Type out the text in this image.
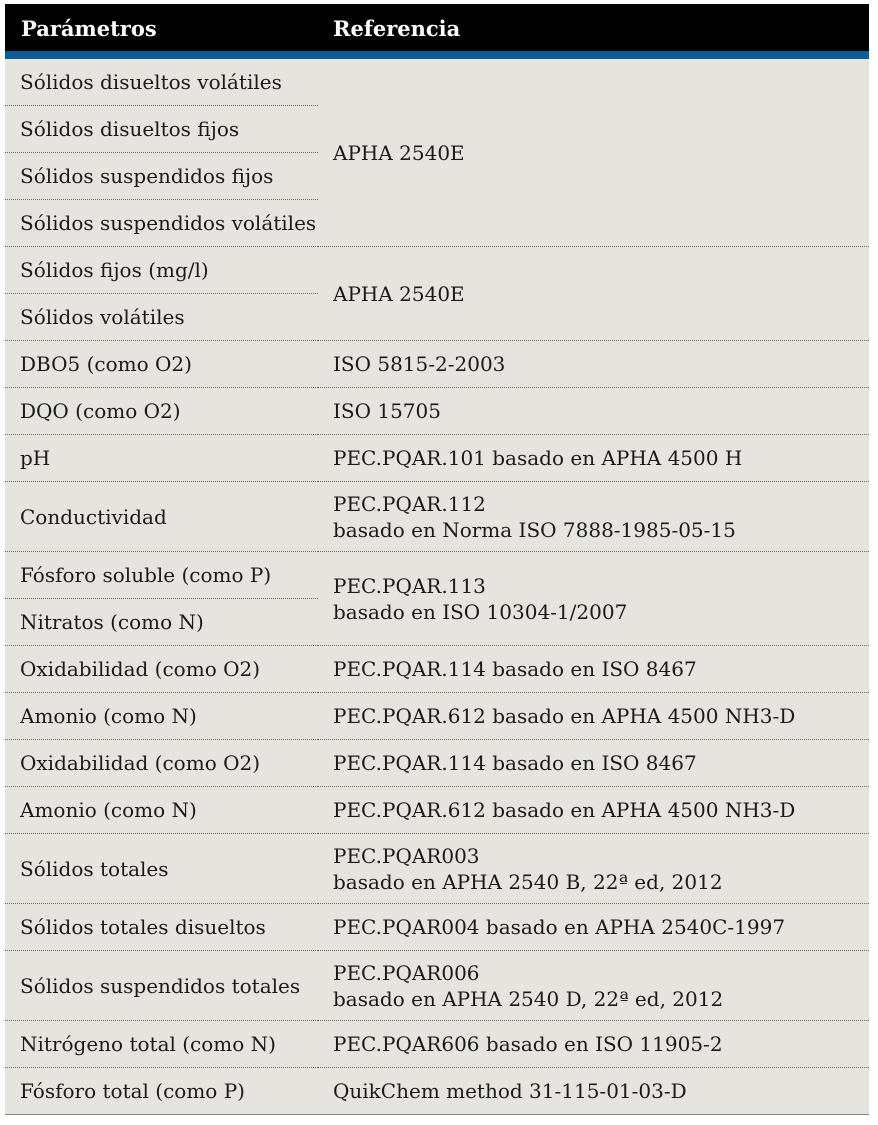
Parámetros	Referencia
Sólidos disueltos volátiles	APHA 2540E

Sólidos disueltos fijos	
Sólidos suspendidos fijos	
Sólidos suspendidos volátiles	
Sólidos fijos (mg/l)	APHA 2540E

Sólidos volátiles	
DBO5 (como O2)	ISO 5815-2-2003

DQO (como O2)	ISO 15705

pH	PEC.PQAR.101 basado en APHA 4500 H

Conductividad	PEC.PQAR.112
basado en Norma ISO 7888-1985-05-15

Fósforo soluble (como P)	PEC.PQAR.113
basado en ISO 10304-1/2007

Nitratos (como N)	
Oxidabilidad (como O2)	PEC.PQAR.114 basado en ISO 8467

Amonio (como N)	PEC.PQAR.612 basado en APHA 4500 NH3-D

Oxidabilidad (como O2)	PEC.PQAR.114 basado en ISO 8467

Amonio (como N)	PEC.PQAR.612 basado en APHA 4500 NH3-D

Sólidos totales	PEC.PQAR003
basado en APHA 2540 B, 22ª ed, 2012

Sólidos totales disueltos	PEC.PQAR004 basado en APHA 2540C-1997

Sólidos suspendidos totales	PEC.PQAR006
basado en APHA 2540 D, 22ª ed, 2012

Nitrógeno total (como N)	PEC.PQAR606 basado en ISO 11905-2

Fósforo total (como P)	QuikChem method 31-115-01-03-D
